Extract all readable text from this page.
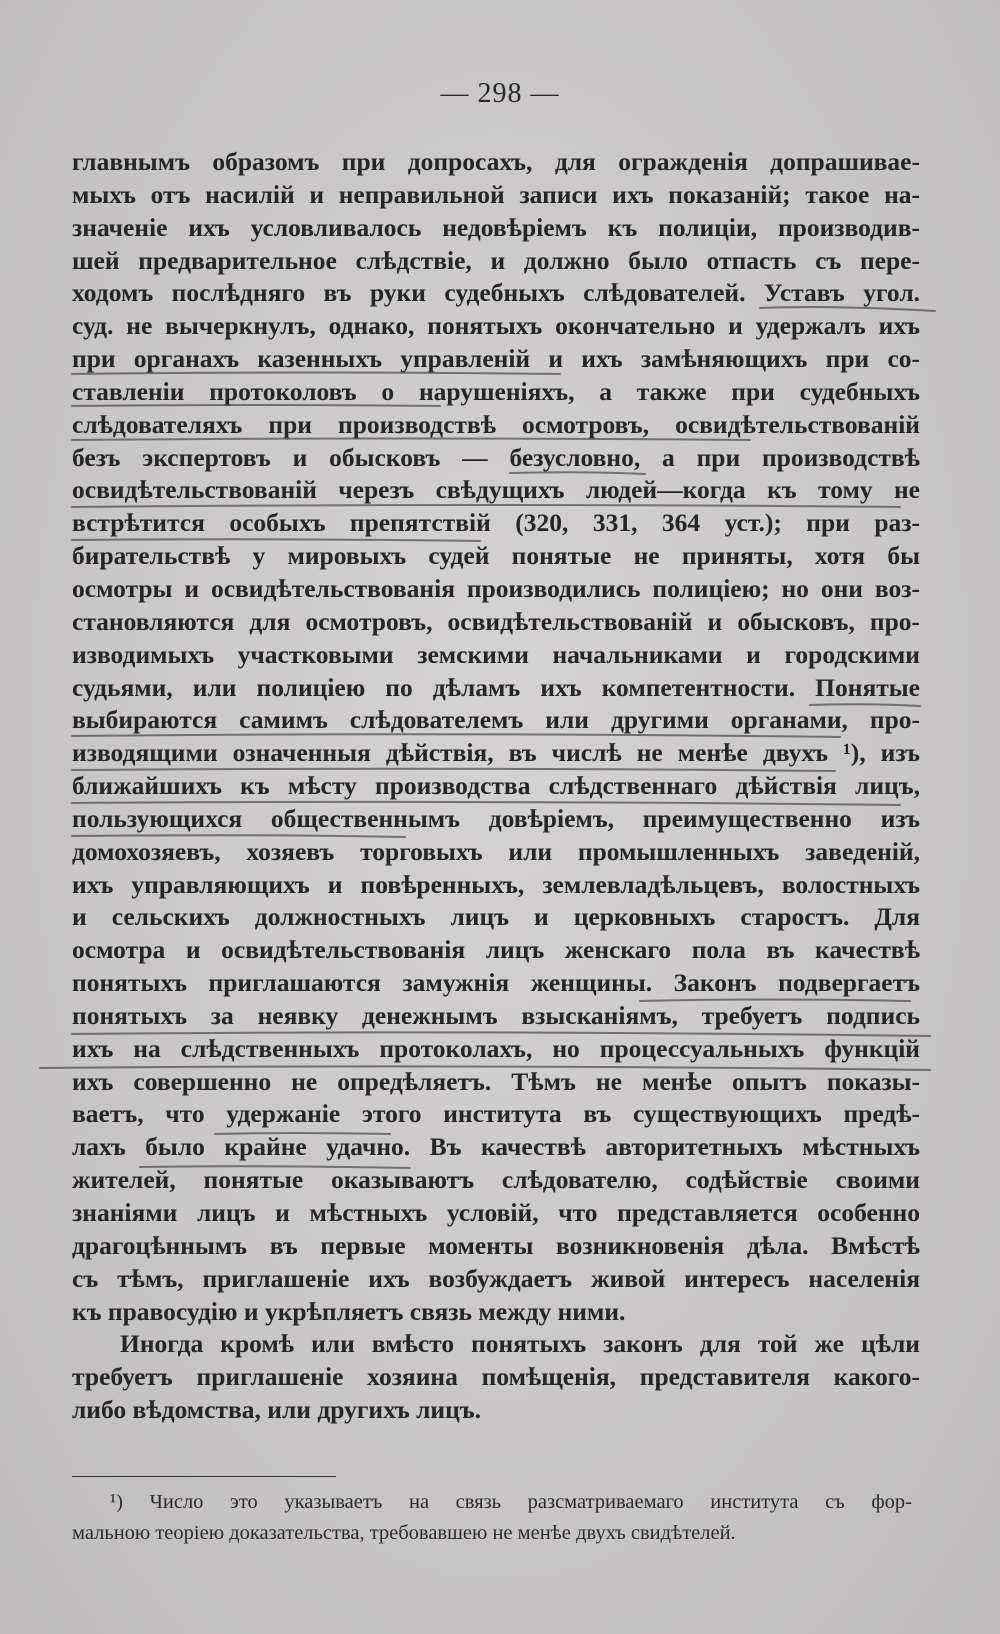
— 298 —
главнымъ образомъ при допросахъ, для огражденія допрашивае-
мыхъ отъ насилій и неправильной записи ихъ показаній; такое на-
значеніе ихъ условливалось недовѣріемъ къ полиціи, производив-
шей предварительное слѣдствіе, и должно было отпасть съ пере-
ходомъ послѣдняго въ руки судебныхъ слѣдователей. Уставъ угол.
суд. не вычеркнулъ, однако, понятыхъ окончательно и удержалъ ихъ
при органахъ казенныхъ управленій и ихъ замѣняющихъ при со-
ставленіи протоколовъ о нарушеніяхъ, а также при судебныхъ
слѣдователяхъ при производствѣ осмотровъ, освидѣтельствованій
безъ экспертовъ и обысковъ — безусловно, а при производствѣ
освидѣтельствованій черезъ свѣдущихъ людей—когда къ тому не
встрѣтится особыхъ препятствій (320, 331, 364 уст.); при раз-
бирательствѣ у мировыхъ судей понятые не приняты, хотя бы
осмотры и освидѣтельствованія производились полиціею; но они воз-
становляются для осмотровъ, освидѣтельствованій и обысковъ, про-
изводимыхъ участковыми земскими начальниками и городскими
судьями, или полиціею по дѣламъ ихъ компетентности. Понятые
выбираются самимъ слѣдователемъ или другими органами, про-
изводящими означенныя дѣйствія, въ числѣ не менѣе двухъ ¹), изъ
ближайшихъ къ мѣсту производства слѣдственнаго дѣйствія лицъ,
пользующихся общественнымъ довѣріемъ, преимущественно изъ
домохозяевъ, хозяевъ торговыхъ или промышленныхъ заведеній,
ихъ управляющихъ и повѣренныхъ, землевладѣльцевъ, волостныхъ
и сельскихъ должностныхъ лицъ и церковныхъ старостъ. Для
осмотра и освидѣтельствованія лицъ женскаго пола въ качествѣ
понятыхъ приглашаются замужнія женщины. Законъ подвергаетъ
понятыхъ за неявку денежнымъ взысканіямъ, требуетъ подпись
ихъ на слѣдственныхъ протоколахъ, но процессуальныхъ функцій
ихъ совершенно не опредѣляетъ. Тѣмъ не менѣе опытъ показы-
ваетъ, что удержаніе этого института въ существующихъ предѣ-
лахъ было крайне удачно. Въ качествѣ авторитетныхъ мѣстныхъ
жителей, понятые оказываютъ слѣдователю, содѣйствіе своими
знаніями лицъ и мѣстныхъ условій, что представляется особенно
драгоцѣннымъ въ первые моменты возникновенія дѣла. Вмѣстѣ
съ тѣмъ, приглашеніе ихъ возбуждаетъ живой интересъ населенія
къ правосудію и укрѣпляетъ связь между ними.
Иногда кромѣ или вмѣсто понятыхъ законъ для той же цѣли
требуетъ приглашеніе хозяина помѣщенія, представителя какого-
либо вѣдомства, или другихъ лицъ.
¹) Число это указываетъ на связь разсматриваемаго института съ фор-
мальною теоріею доказательства, требовавшею не менѣе двухъ свидѣтелей.
